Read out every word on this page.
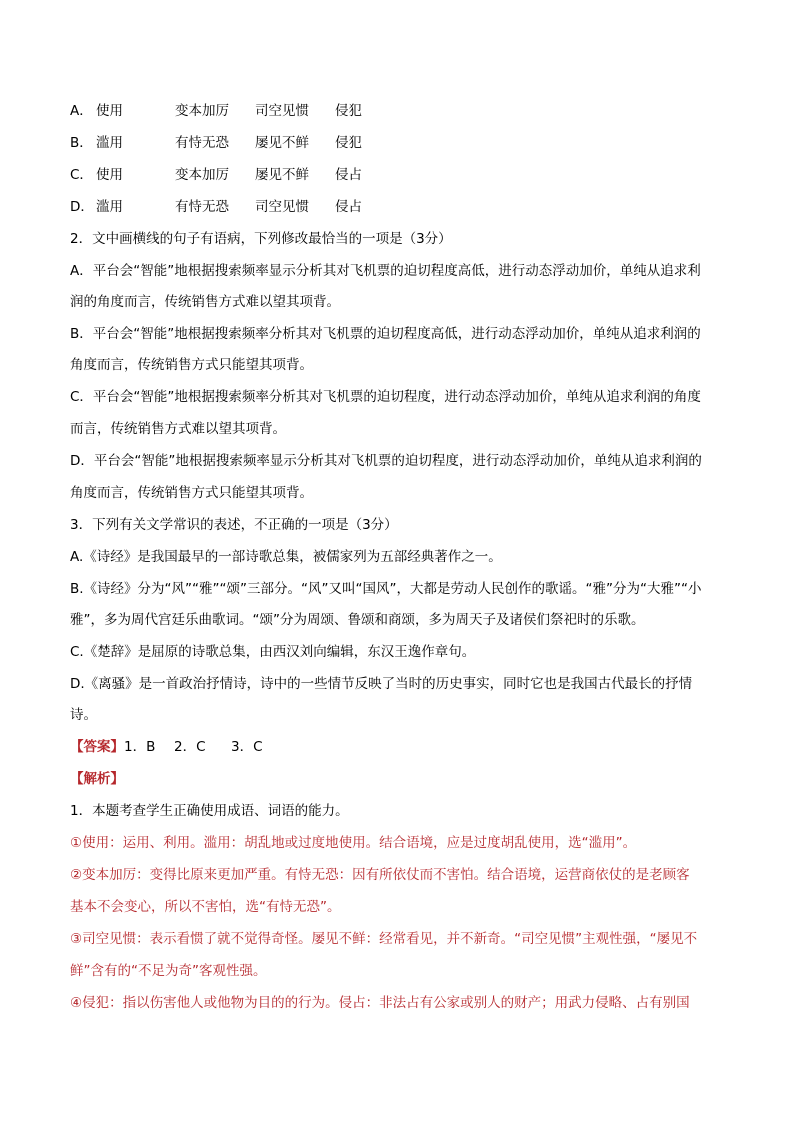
A． 使用	变本加厉 司空见惯 侵犯
B． 滥用	有恃无恐 屡见不鲜 侵犯
C． 使用	变本加厉 屡见不鲜 侵占
D． 滥用	有恃无恐 司空见惯 侵占
2．文中画横线的句子有语病，下列修改最恰当的一项是（3分）
A．平台会“智能”地根据搜索频率显示分析其对飞机票的迫切程度高低，进行动态浮动加价，单纯从追求利
润的角度而言，传统销售方式难以望其项背。
B．平台会“智能”地根据搜索频率分析其对飞机票的迫切程度高低，进行动态浮动加价，单纯从追求利润的
角度而言，传统销售方式只能望其项背。
C．平台会“智能”地根据搜索频率分析其对飞机票的迫切程度，进行动态浮动加价，单纯从追求利润的角度
而言，传统销售方式难以望其项背。
D．平台会“智能”地根据搜索频率显示分析其对飞机票的迫切程度，进行动态浮动加价，单纯从追求利润的
角度而言，传统销售方式只能望其项背。
3．下列有关文学常识的表述，不正确的一项是（3分）
A.《诗经》是我国最早的一部诗歌总集，被儒家列为五部经典著作之一。
B.《诗经》分为“风”“雅”“颂”三部分。“风”又叫“国风”，大都是劳动人民创作的歌谣。“雅”分为“大雅”“小
雅”，多为周代宫廷乐曲歌词。“颂”分为周颂、鲁颂和商颂，多为周天子及诸侯们祭祀时的乐歌。
C.《楚辞》是屈原的诗歌总集，由西汉刘向编辑，东汉王逸作章句。
D.《离骚》是一首政治抒情诗，诗中的一些情节反映了当时的历史事实，同时它也是我国古代最长的抒情
诗。
【答案】1．B 2．C 3．C
【解析】
1．本题考查学生正确使用成语、词语的能力。
①使用：运用、利用。滥用：胡乱地或过度地使用。结合语境，应是过度胡乱使用，选“滥用”。
②变本加厉：变得比原来更加严重。有恃无恐：因有所依仗而不害怕。结合语境，运营商依仗的是老顾客
基本不会变心，所以不害怕，选“有恃无恐”。
③司空见惯：表示看惯了就不觉得奇怪。屡见不鲜：经常看见，并不新奇。“司空见惯”主观性强，“屡见不
鲜”含有的“不足为奇”客观性强。
④侵犯：指以伤害他人或他物为目的的行为。侵占：非法占有公家或别人的财产；用武力侵略、占有别国
